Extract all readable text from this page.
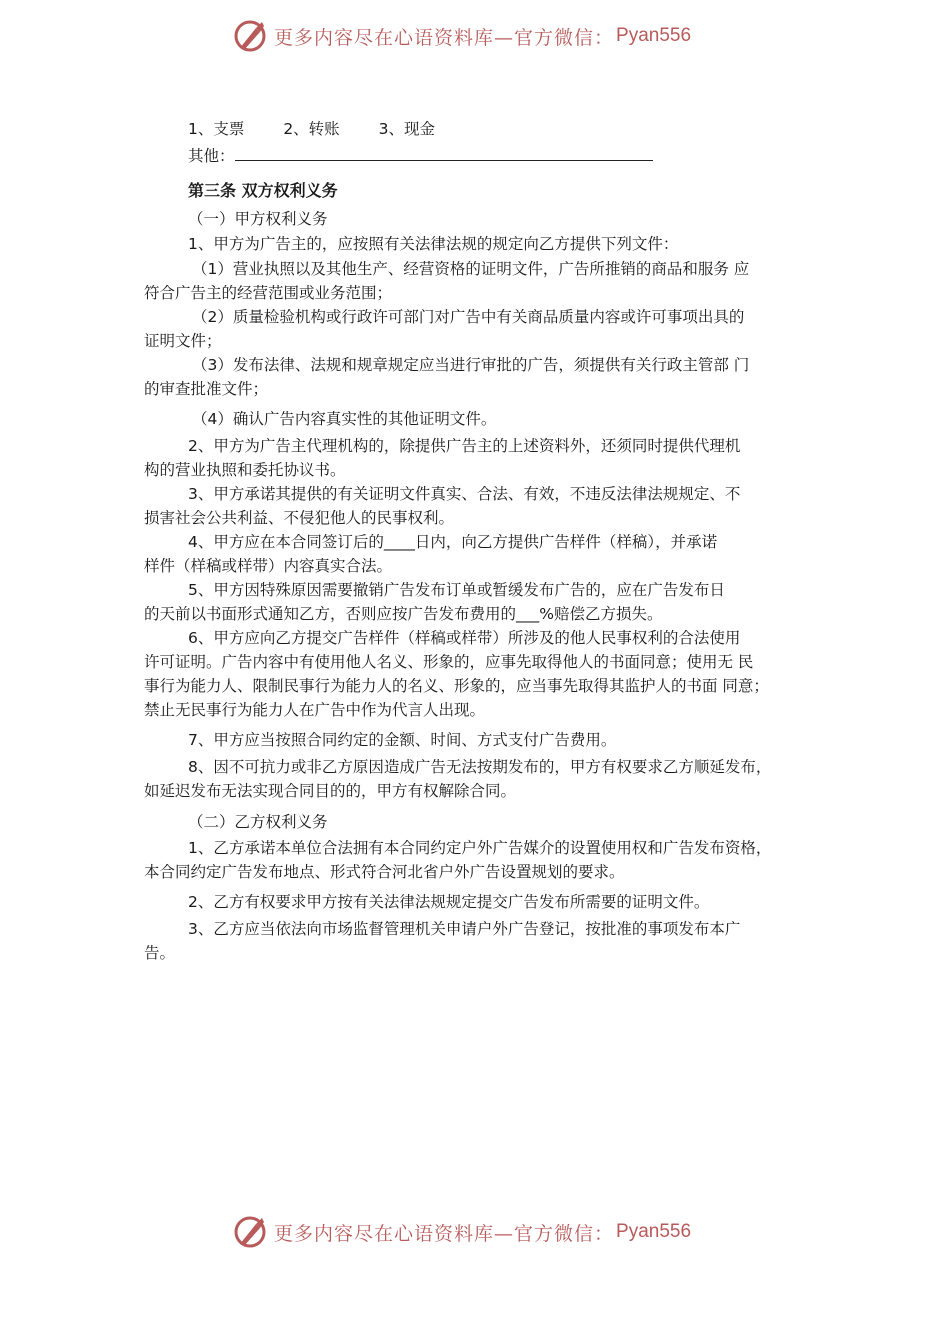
更多内容尽在心语资料库—官方微信： Pyan556
1、支票	2、转账	3、现金
其他：
第三条 双方权利义务
（一）甲方权利义务
1、甲方为广告主的，应按照有关法律法规的规定向乙方提供下列文件：
（1）营业执照以及其他生产、经营资格的证明文件，广告所推销的商品和服务 应
符合广告主的经营范围或业务范围；
（2）质量检验机构或行政许可部门对广告中有关商品质量内容或许可事项出具的
证明文件；
（3）发布法律、法规和规章规定应当进行审批的广告，须提供有关行政主管部 门
的审查批准文件；
（4）确认广告内容真实性的其他证明文件。
2、甲方为广告主代理机构的，除提供广告主的上述资料外，还须同时提供代理机
构的营业执照和委托协议书。
3、甲方承诺其提供的有关证明文件真实、合法、有效，不违反法律法规规定、不
损害社会公共利益、不侵犯他人的民事权利。
4、甲方应在本合同签订后的____日内，向乙方提供广告样件（样稿），并承诺
样件（样稿或样带）内容真实合法。
5、甲方因特殊原因需要撤销广告发布订单或暂缓发布广告的，应在广告发布日
的天前以书面形式通知乙方，否则应按广告发布费用的___%赔偿乙方损失。
6、甲方应向乙方提交广告样件（样稿或样带）所涉及的他人民事权利的合法使用
许可证明。广告内容中有使用他人名义、形象的，应事先取得他人的书面同意；使用无 民
事行为能力人、限制民事行为能力人的名义、形象的，应当事先取得其监护人的书面 同意；
禁止无民事行为能力人在广告中作为代言人出现。
7、甲方应当按照合同约定的金额、时间、方式支付广告费用。
8、因不可抗力或非乙方原因造成广告无法按期发布的，甲方有权要求乙方顺延发布，
如延迟发布无法实现合同目的的，甲方有权解除合同。
（二）乙方权利义务
1、乙方承诺本单位合法拥有本合同约定户外广告媒介的设置使用权和广告发布资格，
本合同约定广告发布地点、形式符合河北省户外广告设置规划的要求。
2、乙方有权要求甲方按有关法律法规规定提交广告发布所需要的证明文件。
3、乙方应当依法向市场监督管理机关申请户外广告登记，按批准的事项发布本广
告。
更多内容尽在心语资料库—官方微信： Pyan556
